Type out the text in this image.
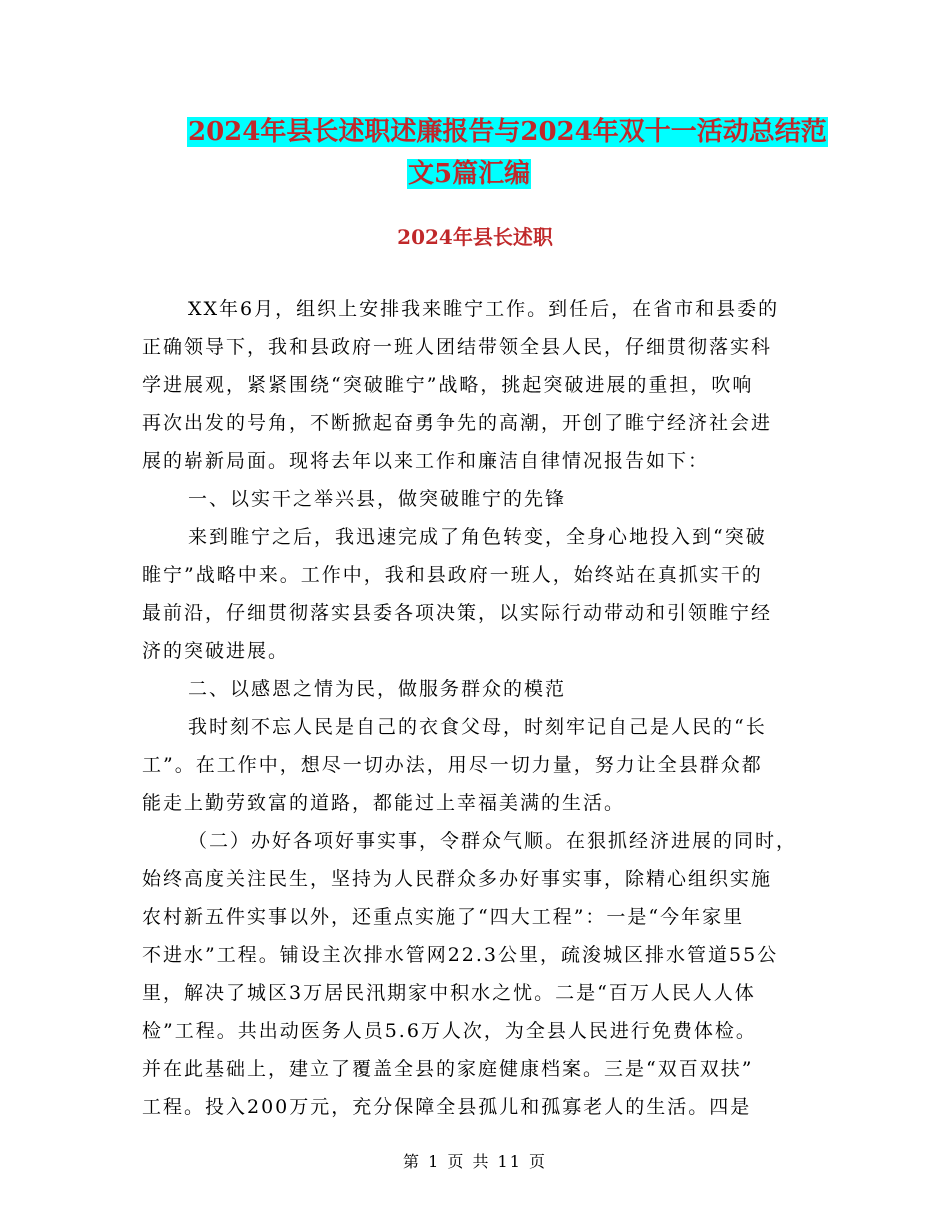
2024年县长述职述廉报告与2024年双十一活动总结范
文5篇汇编
2024年县长述职
XX年6月，组织上安排我来睢宁工作。到任后，在省市和县委的
正确领导下，我和县政府一班人团结带领全县人民，仔细贯彻落实科
学进展观，紧紧围绕“突破睢宁”战略，挑起突破进展的重担，吹响
再次出发的号角，不断掀起奋勇争先的高潮，开创了睢宁经济社会进
展的崭新局面。现将去年以来工作和廉洁自律情况报告如下：
一、以实干之举兴县，做突破睢宁的先锋
来到睢宁之后，我迅速完成了角色转变，全身心地投入到“突破
睢宁”战略中来。工作中，我和县政府一班人，始终站在真抓实干的
最前沿，仔细贯彻落实县委各项决策，以实际行动带动和引领睢宁经
济的突破进展。
二、以感恩之情为民，做服务群众的模范
我时刻不忘人民是自己的衣食父母，时刻牢记自己是人民的“长
工”。在工作中，想尽一切办法，用尽一切力量，努力让全县群众都
能走上勤劳致富的道路，都能过上幸福美满的生活。
（二）办好各项好事实事，令群众气顺。在狠抓经济进展的同时，
始终高度关注民生，坚持为人民群众多办好事实事，除精心组织实施
农村新五件实事以外，还重点实施了“四大工程”：一是“今年家里
不进水”工程。铺设主次排水管网22.3公里，疏浚城区排水管道55公
里，解决了城区3万居民汛期家中积水之忧。二是“百万人民人人体
检”工程。共出动医务人员5.6万人次，为全县人民进行免费体检。
并在此基础上，建立了覆盖全县的家庭健康档案。三是“双百双扶”
工程。投入200万元，充分保障全县孤儿和孤寡老人的生活。四是
第 1 页 共 11 页
